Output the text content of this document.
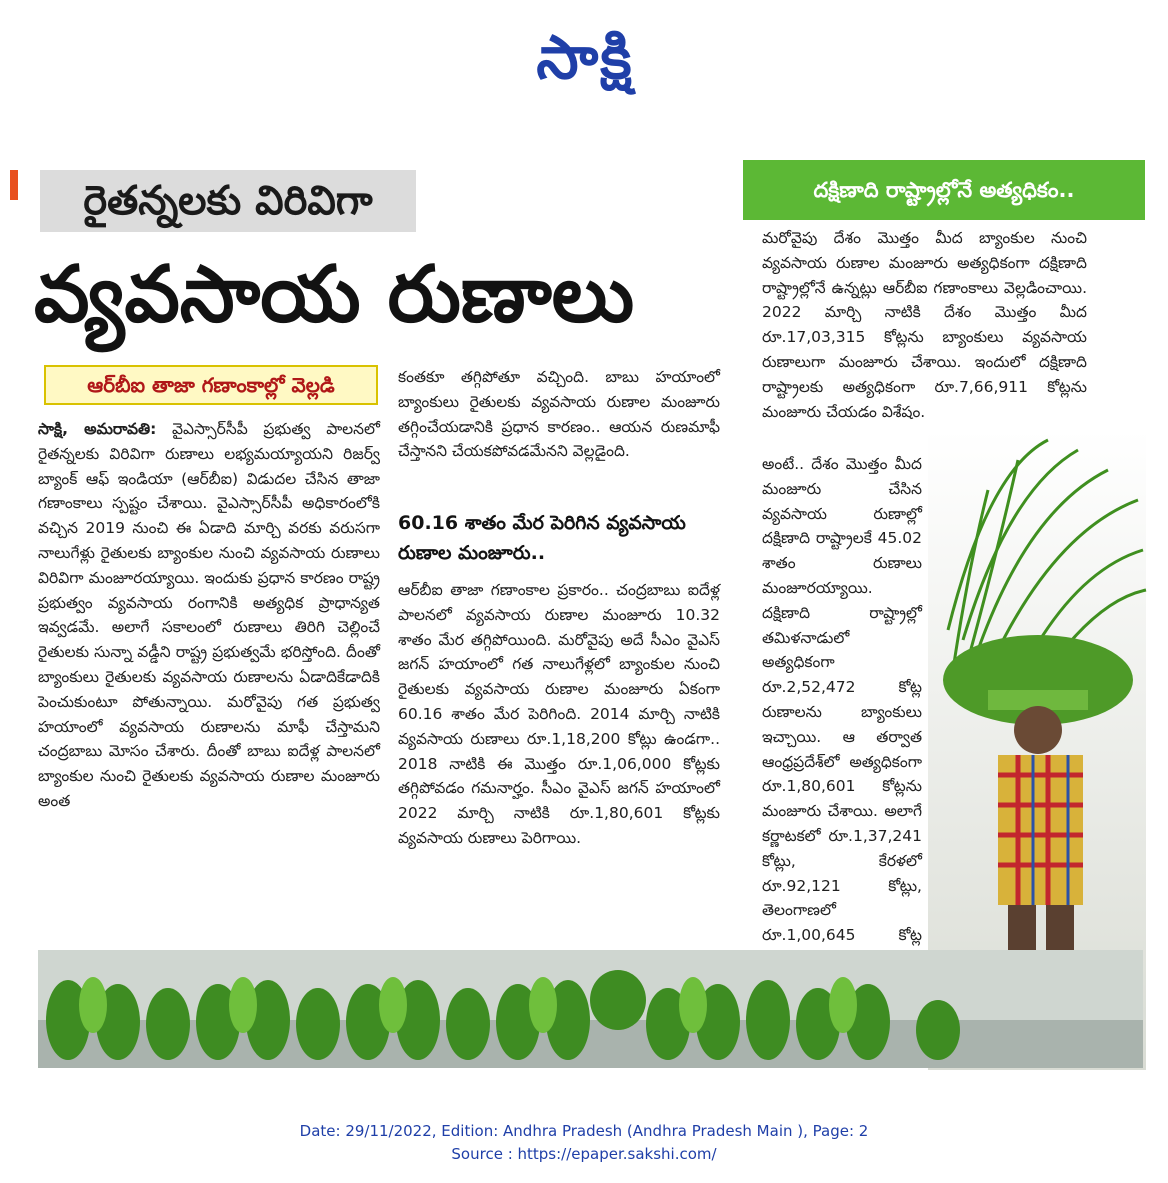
సాక్షి
రైతన్నలకు విరివిగా
వ్యవసాయ రుణాలు
ఆర్‌బీఐ తాజా గణాంకాల్లో వెల్లడి
సాక్షి, అమరావతి: వైఎస్సార్‌సీపీ ప్రభుత్వ పాలనలో రైతన్నలకు విరివిగా రుణాలు లభ్యమయ్యాయని రిజర్వ్ బ్యాంక్ ఆఫ్ ఇండియా (ఆర్‌బీఐ) విడుదల చేసిన తాజా గణాంకాలు స్పష్టం చేశాయి. వైఎస్సార్‌సీపీ అధికారంలోకి వచ్చిన 2019 నుంచి ఈ ఏడాది మార్చి వరకు వరుసగా నాలుగేళ్లు రైతులకు బ్యాంకుల నుంచి వ్యవసాయ రుణాలు విరివిగా మంజూరయ్యాయి. ఇందుకు ప్రధాన కారణం రాష్ట్ర ప్రభుత్వం వ్యవసాయ రంగానికి అత్యధిక ప్రాధాన్యత ఇవ్వడమే. అలాగే సకాలంలో రుణాలు తిరిగి చెల్లించే రైతులకు సున్నా వడ్డీని రాష్ట్ర ప్రభుత్వమే భరిస్తోంది. దీంతో బ్యాంకులు రైతులకు వ్యవసాయ రుణాలను ఏడాదికేడాదికి పెంచుకుంటూ పోతున్నాయి. మరోవైపు గత ప్రభుత్వ హయాంలో వ్యవసాయ రుణాలను మాఫీ చేస్తామని చంద్రబాబు మోసం చేశారు. దీంతో బాబు ఐదేళ్ల పాలనలో బ్యాంకుల నుంచి రైతులకు వ్యవసాయ రుణాల మంజూరు అంత
కంతకూ తగ్గిపోతూ వచ్చింది. బాబు హయాంలో బ్యాంకులు రైతులకు వ్యవసాయ రుణాల మంజూరు తగ్గించేయడానికి ప్రధాన కారణం.. ఆయన రుణమాఫీ చేస్తానని చేయకపోవడమేనని వెల్లడైంది.
60.16 శాతం మేర పెరిగిన వ్యవసాయ రుణాల మంజూరు..
ఆర్‌బీఐ తాజా గణాంకాల ప్రకారం.. చంద్రబాబు ఐదేళ్ల పాలనలో వ్యవసాయ రుణాల మంజూరు 10.32 శాతం మేర తగ్గిపోయింది. మరోవైపు అదే సీఎం వైఎస్ జగన్ హయాంలో గత నాలుగేళ్లలో బ్యాంకుల నుంచి రైతులకు వ్యవసాయ రుణాల మంజూరు ఏకంగా 60.16 శాతం మేర పెరిగింది. 2014 మార్చి నాటికి వ్యవసాయ రుణాలు రూ.1,18,200 కోట్లు ఉండగా.. 2018 నాటికి ఈ మొత్తం రూ.1,06,000 కోట్లకు తగ్గిపోవడం గమనార్హం. సీఎం వైఎస్ జగన్ హయాంలో 2022 మార్చి నాటికి రూ.1,80,601 కోట్లకు వ్యవసాయ రుణాలు పెరిగాయి.
దక్షిణాది రాష్ట్రాల్లోనే అత్యధికం..
మరోవైపు దేశం మొత్తం మీద బ్యాంకుల నుంచి వ్యవసాయ రుణాల మంజూరు అత్యధికంగా దక్షిణాది రాష్ట్రాల్లోనే ఉన్నట్లు ఆర్‌బీఐ గణాంకాలు వెల్లడించాయి. 2022 మార్చి నాటికి దేశం మొత్తం మీద రూ.17,03,315 కోట్లను బ్యాంకులు వ్యవసాయ రుణాలుగా మంజూరు చేశాయి. ఇందులో దక్షిణాది రాష్ట్రాలకు అత్యధికంగా రూ.7,66,911 కోట్లను మంజూరు చేయడం విశేషం.
అంటే.. దేశం మొత్తం మీద మంజూరు చేసిన వ్యవసాయ రుణాల్లో దక్షిణాది రాష్ట్రాలకే 45.02 శాతం రుణాలు మంజూరయ్యాయి. దక్షిణాది రాష్ట్రాల్లో తమిళనాడులో అత్యధికంగా రూ.2,52,472 కోట్ల రుణాలను బ్యాంకులు ఇచ్చాయి. ఆ తర్వాత ఆంధ్రప్రదేశ్‌లో అత్యధికంగా రూ.1,80,601 కోట్లను మంజూరు చేశాయి. అలాగే కర్ణాటకలో రూ.1,37,241 కోట్లు, కేరళలో రూ.92,121 కోట్లు, తెలంగాణలో రూ.1,00,645 కోట్ల
Date: 29/11/2022, Edition: Andhra Pradesh (Andhra Pradesh Main ), Page: 2
Source : https://epaper.sakshi.com/
